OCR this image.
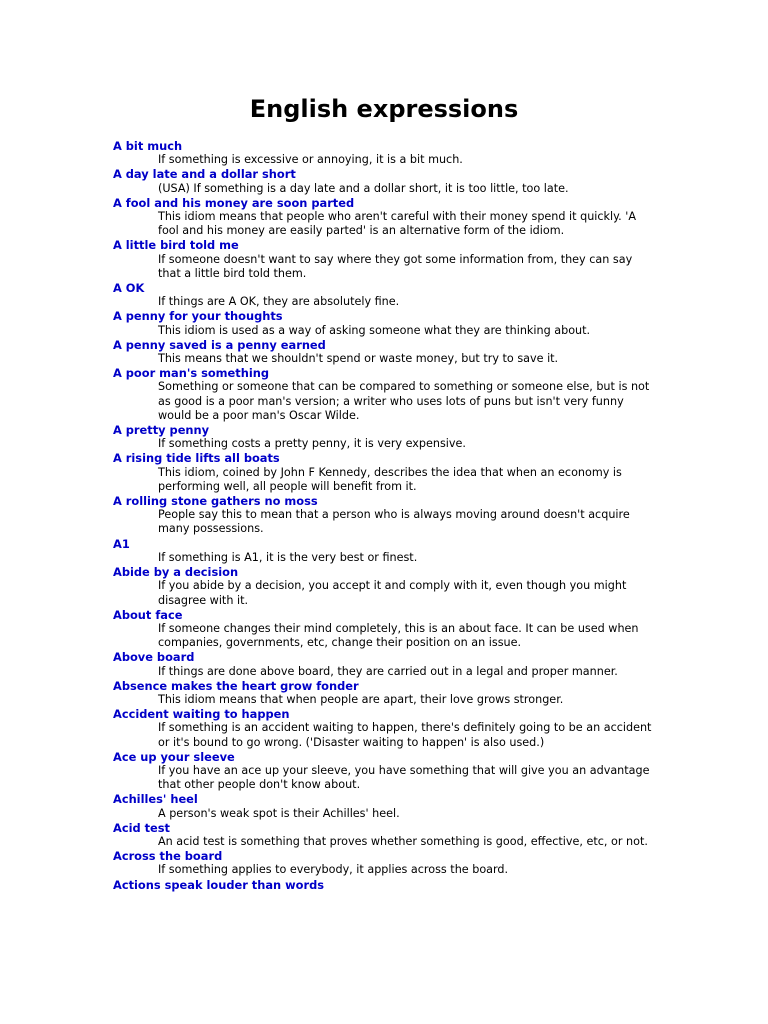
English expressions
A bit much
If something is excessive or annoying, it is a bit much.
A day late and a dollar short
(USA) If something is a day late and a dollar short, it is too little, too late.
A fool and his money are soon parted
This idiom means that people who aren't careful with their money spend it quickly. 'A fool and his money are easily parted' is an alternative form of the idiom.
A little bird told me
If someone doesn't want to say where they got some information from, they can say that a little bird told them.
A OK
If things are A OK, they are absolutely fine.
A penny for your thoughts
This idiom is used as a way of asking someone what they are thinking about.
A penny saved is a penny earned
This means that we shouldn't spend or waste money, but try to save it.
A poor man's something
Something or someone that can be compared to something or someone else, but is not as good is a poor man's version; a writer who uses lots of puns but isn't very funny would be a poor man's Oscar Wilde.
A pretty penny
If something costs a pretty penny, it is very expensive.
A rising tide lifts all boats
This idiom, coined by John F Kennedy, describes the idea that when an economy is performing well, all people will benefit from it.
A rolling stone gathers no moss
People say this to mean that a person who is always moving around doesn't acquire many possessions.
A1
If something is A1, it is the very best or finest.
Abide by a decision
If you abide by a decision, you accept it and comply with it, even though you might disagree with it.
About face
If someone changes their mind completely, this is an about face. It can be used when companies, governments, etc, change their position on an issue.
Above board
If things are done above board, they are carried out in a legal and proper manner.
Absence makes the heart grow fonder
This idiom means that when people are apart, their love grows stronger.
Accident waiting to happen
If something is an accident waiting to happen, there's definitely going to be an accident or it's bound to go wrong. ('Disaster waiting to happen' is also used.)
Ace up your sleeve
If you have an ace up your sleeve, you have something that will give you an advantage that other people don't know about.
Achilles' heel
A person's weak spot is their Achilles' heel.
Acid test
An acid test is something that proves whether something is good, effective, etc, or not.
Across the board
If something applies to everybody, it applies across the board.
Actions speak louder than words
